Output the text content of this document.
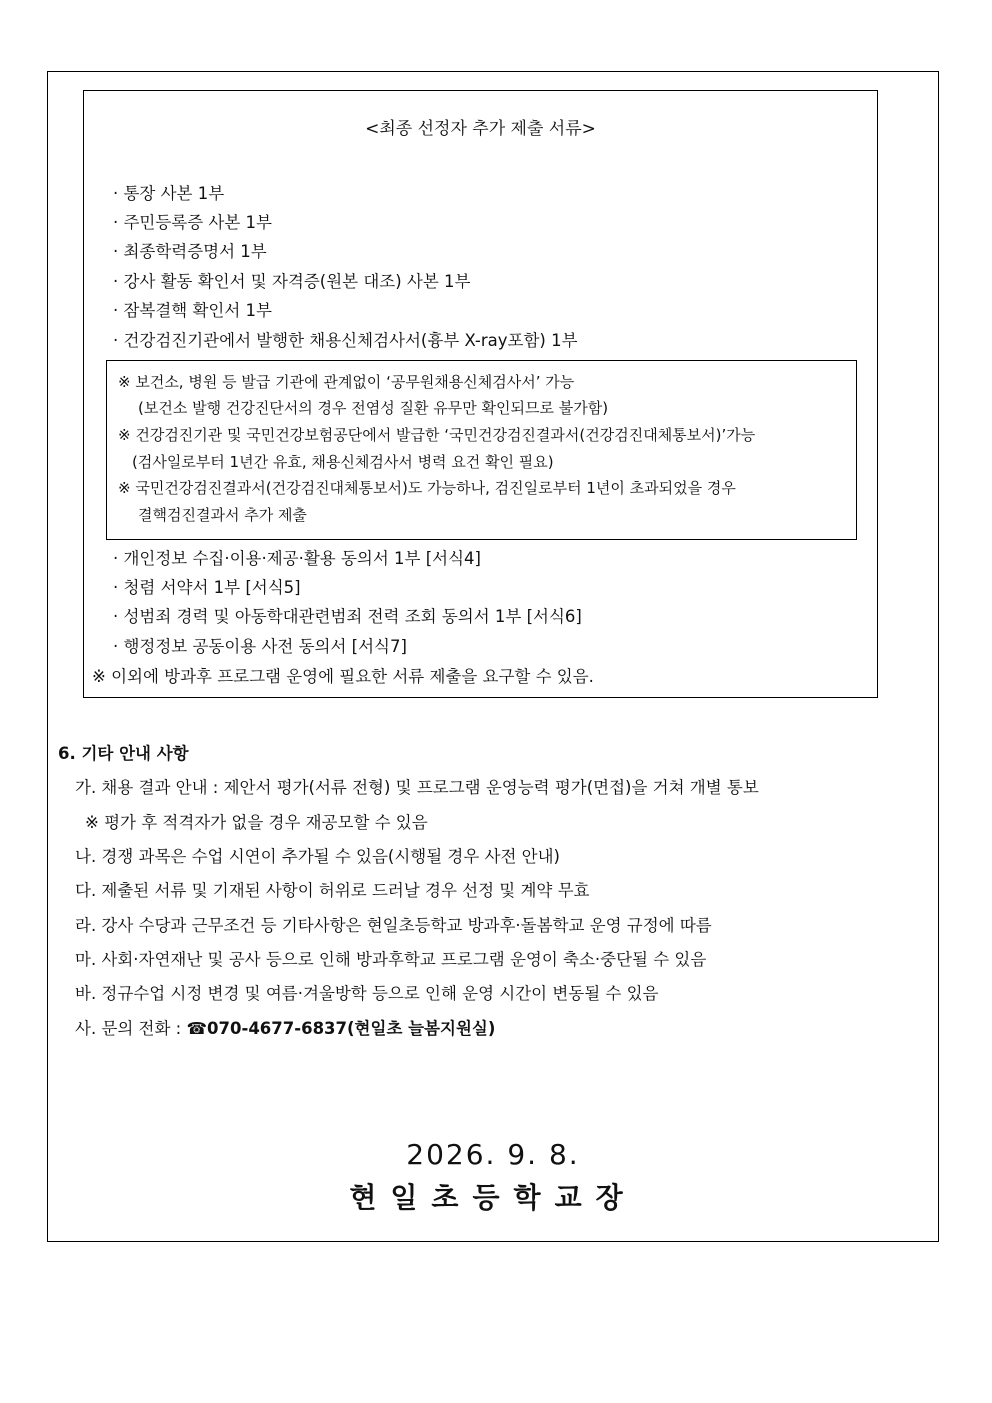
<최종 선정자 추가 제출 서류>
· 통장 사본 1부
· 주민등록증 사본 1부
· 최종학력증명서 1부
· 강사 활동 확인서 및 자격증(원본 대조) 사본 1부
· 잠복결핵 확인서 1부
· 건강검진기관에서 발행한 채용신체검사서(흉부 X-ray포함) 1부
※ 보건소, 병원 등 발급 기관에 관계없이 ‘공무원채용신체검사서’ 가능
(보건소 발행 건강진단서의 경우 전염성 질환 유무만 확인되므로 불가함)
※ 건강검진기관 및 국민건강보험공단에서 발급한 ‘국민건강검진결과서(건강검진대체통보서)’가능
(검사일로부터 1년간 유효, 채용신체검사서 병력 요건 확인 필요)
※ 국민건강검진결과서(건강검진대체통보서)도 가능하나, 검진일로부터 1년이 초과되었을 경우
결핵검진결과서 추가 제출
· 개인정보 수집·이용·제공·활용 동의서 1부 [서식4]
· 청렴 서약서 1부 [서식5]
· 성범죄 경력 및 아동학대관련범죄 전력 조회 동의서 1부 [서식6]
· 행정정보 공동이용 사전 동의서 [서식7]
※ 이외에 방과후 프로그램 운영에 필요한 서류 제출을 요구할 수 있음.
6. 기타 안내 사항
가. 채용 결과 안내 : 제안서 평가(서류 전형) 및 프로그램 운영능력 평가(면접)을 거쳐 개별 통보
※ 평가 후 적격자가 없을 경우 재공모할 수 있음
나. 경쟁 과목은 수업 시연이 추가될 수 있음(시행될 경우 사전 안내)
다. 제출된 서류 및 기재된 사항이 허위로 드러날 경우 선정 및 계약 무효
라. 강사 수당과 근무조건 등 기타사항은 현일초등학교 방과후·돌봄학교 운영 규정에 따름
마. 사회·자연재난 및 공사 등으로 인해 방과후학교 프로그램 운영이 축소·중단될 수 있음
바. 정규수업 시정 변경 및 여름·겨울방학 등으로 인해 운영 시간이 변동될 수 있음
사. 문의 전화 : ☎070-4677-6837(현일초 늘봄지원실)
2026. 9. 8.
현일초등학교장
